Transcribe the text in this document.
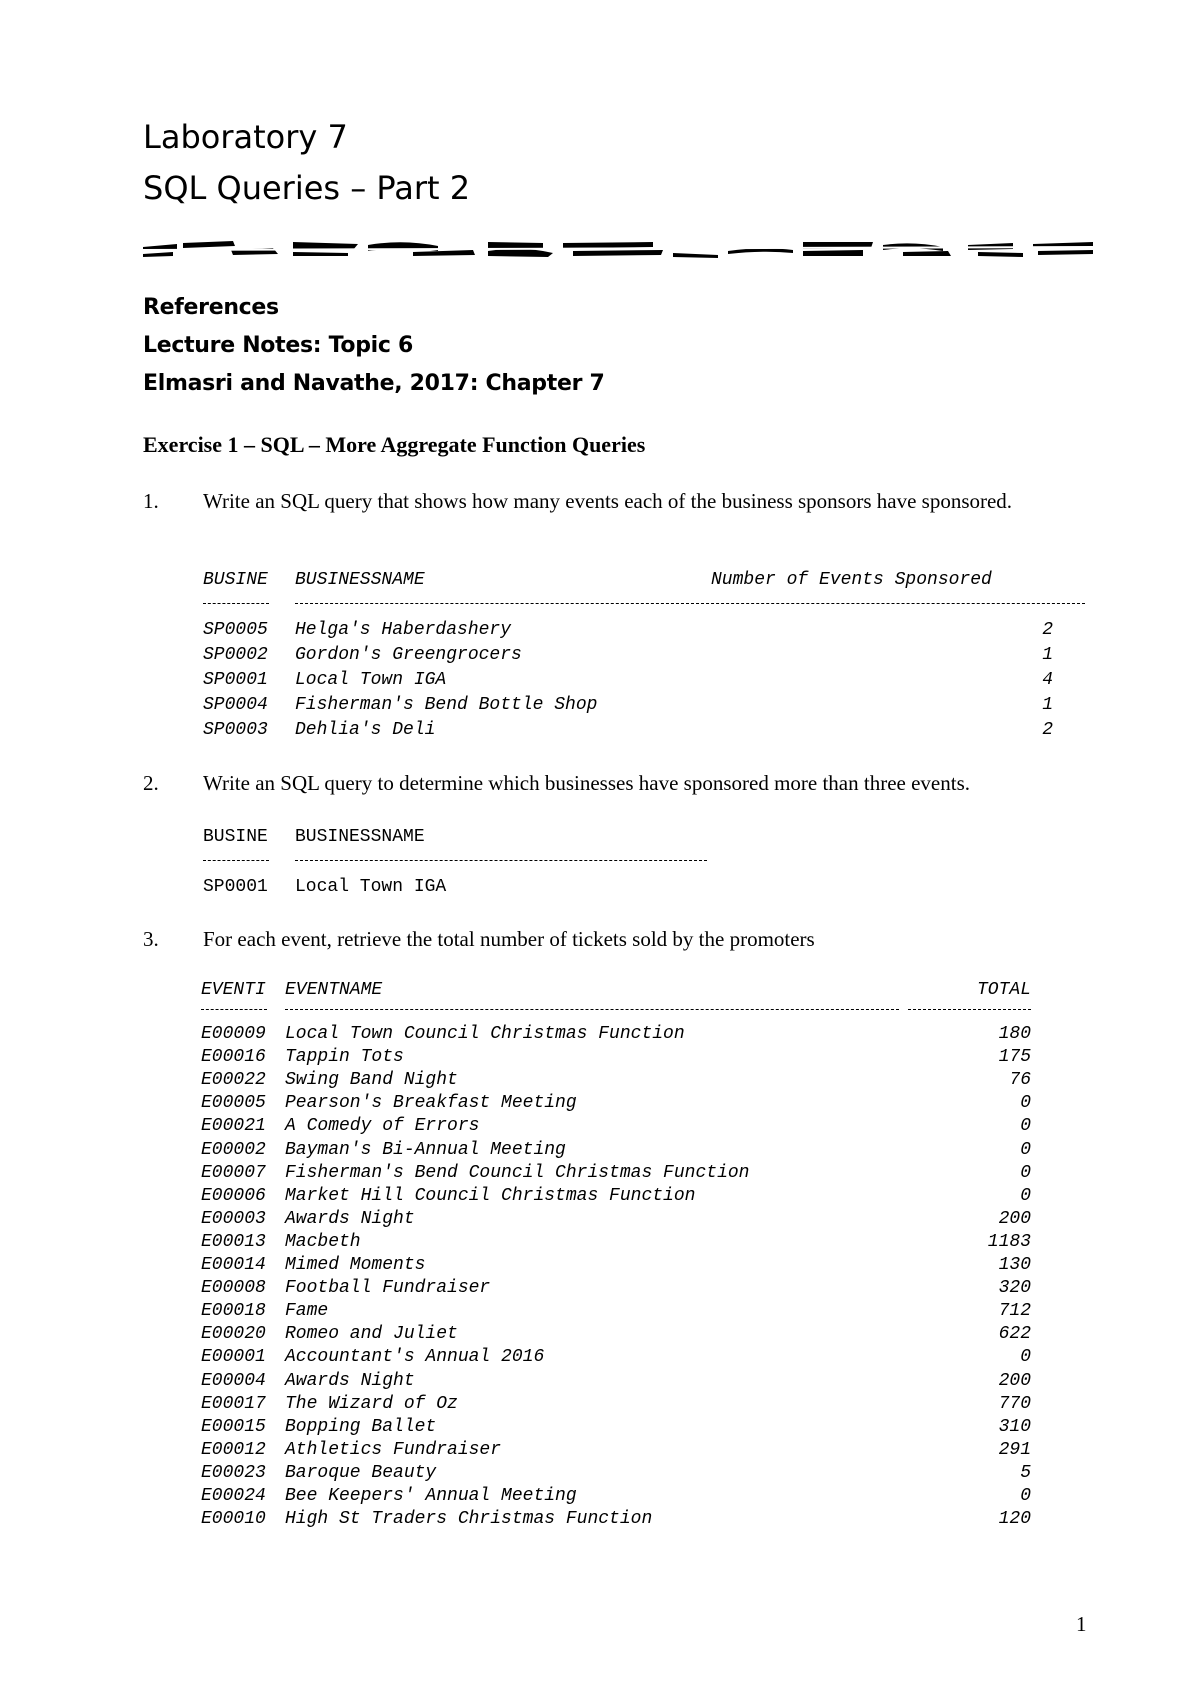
Laboratory 7
SQL Queries – Part 2
References
Lecture Notes: Topic 6
Elmasri and Navathe, 2017: Chapter 7
Exercise 1 – SQL – More Aggregate Function Queries
1. Write an SQL query that shows how many events each of the business sponsors have sponsored.
BUSINE BUSINESSNAME	Number of Events Sponsored
SP0005 Helga's Haberdashery	2
SP0002 Gordon's Greengrocers	1
SP0001 Local Town IGA	4
SP0004 Fisherman's Bend Bottle Shop	1
SP0003 Dehlia's Deli	2
2. Write an SQL query to determine which businesses have sponsored more than three events.
BUSINE BUSINESSNAME
SP0001 Local Town IGA
3. For each event, retrieve the total number of tickets sold by the promoters
EVENTI EVENTNAME	TOTAL
E00009 Local Town Council Christmas Function	180
E00016 Tappin Tots	175
E00022 Swing Band Night	76
E00005 Pearson's Breakfast Meeting	0
E00021 A Comedy of Errors	0
E00002 Bayman's Bi-Annual Meeting	0
E00007 Fisherman's Bend Council Christmas Function	0
E00006 Market Hill Council Christmas Function	0
E00003 Awards Night	200
E00013 Macbeth	1183
E00014 Mimed Moments	130
E00008 Football Fundraiser	320
E00018 Fame	712
E00020 Romeo and Juliet	622
E00001 Accountant's Annual 2016	0
E00004 Awards Night	200
E00017 The Wizard of Oz	770
E00015 Bopping Ballet	310
E00012 Athletics Fundraiser	291
E00023 Baroque Beauty	5
E00024 Bee Keepers' Annual Meeting	0
E00010 High St Traders Christmas Function	120
1
